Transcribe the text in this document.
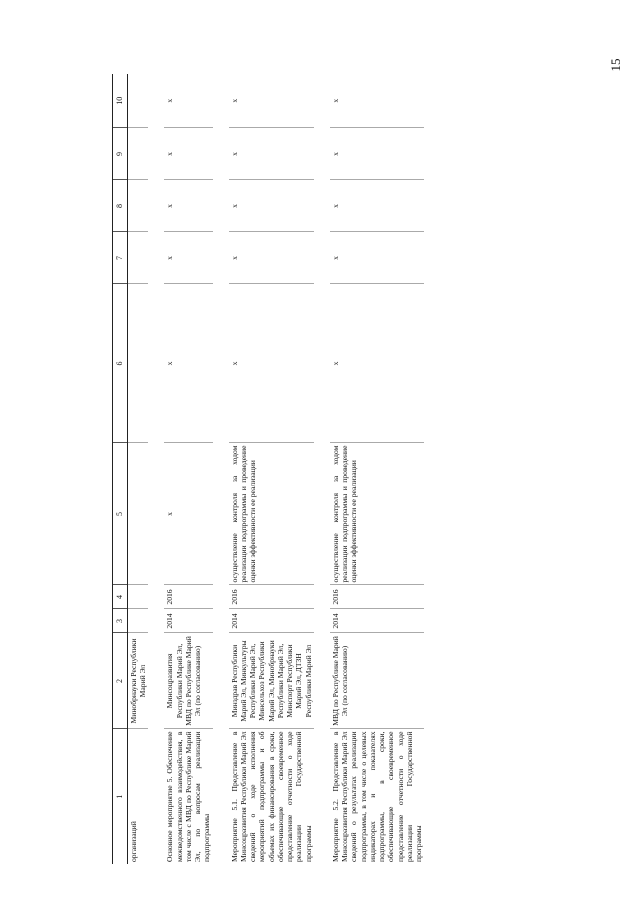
15
1	2	3	4	5	6	7	8	9	10
организаций	Минобрнауки Республики Марий Эл								

Основное мероприятие 5. Обеспечение межведомственного взаимодействия, в том числе с МВД по Республике Марий Эл, по вопросам реализации подпрограммы	Минсоцразвития Республики Марий Эл, МВД по Республике Марий Эл (по согласованию)	2014	2016	x	x	x	x	x	x

Мероприятие 5.1. Представление в Минсоцразвития Республики Марий Эл сведений о ходе исполнения мероприятий подпрограммы и об объемах их финансирования в сроки, обеспечивающие своевременное представление отчетности о ходе реализации Государственной программы	Минздрав Республики Марий Эл, Минкультуры Республики Марий Эл, Минсельхоз Республики Марий Эл, Минобрнауки Республики Марий Эл, Минспорт Республики Марий Эл, ДТЗН Республики Марий Эл	2014	2016	осуществление контроля за ходом реализации подпрограммы и проведение оценки эффективности ее реализации	x	x	x	x	x

Мероприятие 5.2. Представление в Минсоцразвития Республики Марий Эл сведений о результатах реализации подпрограммы, в том числе о целевых индикаторах и показателях подпрограммы, в сроки, обеспечивающие своевременное представление отчетности о ходе реализации Государственной программы	МВД по Республике Марий Эл (по согласованию)	2014	2016	осуществление контроля за ходом реализации подпрограммы и проведение оценки эффективности ее реализации	x	x	x	x	x
